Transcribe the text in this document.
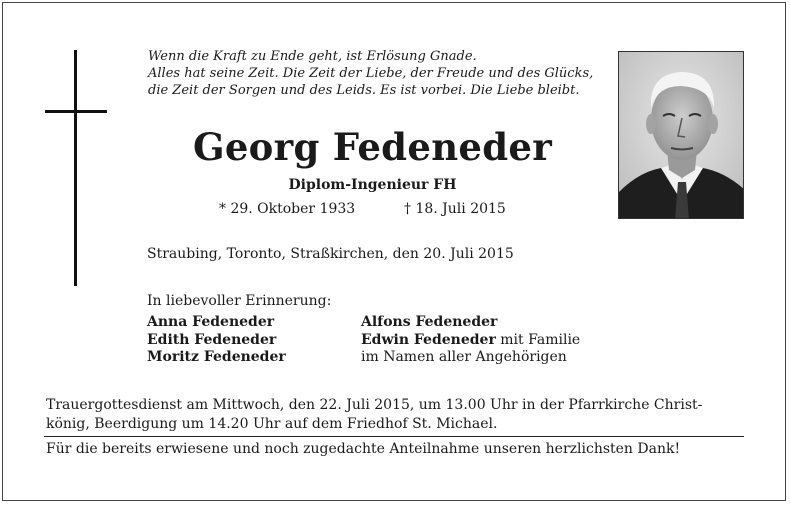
Wenn die Kraft zu Ende geht, ist Erlösung Gnade.
Alles hat seine Zeit. Die Zeit der Liebe, der Freude und des Glücks,
die Zeit der Sorgen und des Leids. Es ist vorbei. Die Liebe bleibt.
Georg Fedeneder
Diplom-Ingenieur FH
* 29. Oktober 1933	† 18. Juli 2015
Straubing, Toronto, Straßkirchen, den 20. Juli 2015
In liebevoller Erinnerung:
Anna Fedeneder
Edith Fedeneder
Moritz Fedeneder
Alfons Fedeneder
Edwin Fedeneder mit Familie
im Namen aller Angehörigen
Trauergottesdienst am Mittwoch, den 22. Juli 2015, um 13.00 Uhr in der Pfarrkirche Christ-
könig, Beerdigung um 14.20 Uhr auf dem Friedhof St. Michael.
Für die bereits erwiesene und noch zugedachte Anteilnahme unseren herzlichsten Dank!
